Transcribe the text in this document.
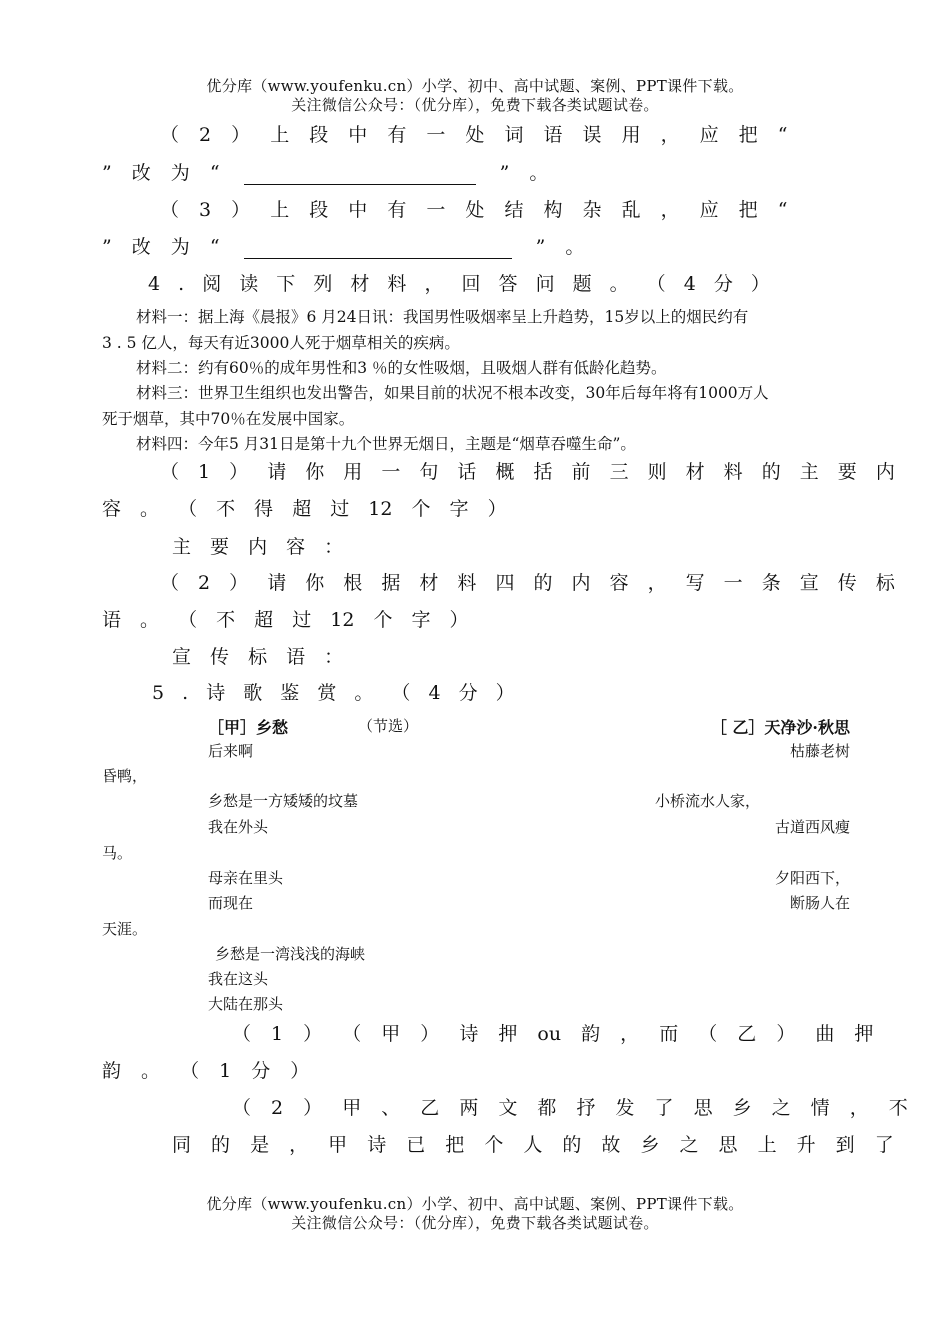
优分库（www.youfenku.cn）小学、初中、高中试题、案例、PPT课件下载。
关注微信公众号：（优分库），免费下载各类试题试卷。
（ 2 ） 上 段 中 有 一 处 词 语 误 用 ， 应 把 “
” 改 为 “	” 。
（ 3 ） 上 段 中 有 一 处 结 构 杂 乱 ， 应 把 “
” 改 为 “	” 。
4 . 阅 读 下 列 材 料 ， 回 答 问 题 。 （ 4 分 ）
材料一：据上海《晨报》6 月24日讯：我国男性吸烟率呈上升趋势，15岁以上的烟民约有
3 . 5 亿人，每天有近3000人死于烟草相关的疾病。
材料二：约有60％的成年男性和3 ％的女性吸烟，且吸烟人群有低龄化趋势。
材料三：世界卫生组织也发出警告，如果目前的状况不根本改变，30年后每年将有1000万人
死于烟草，其中70％在发展中国家。
材料四：今年5 月31日是第十九个世界无烟日，主题是“烟草吞噬生命”。
（ 1 ） 请 你 用 一 句 话 概 括 前 三 则 材 料 的 主 要 内
容 。 （ 不 得 超 过 12 个 字 ）
主 要 内 容 ：
（ 2 ） 请 你 根 据 材 料 四 的 内 容 ， 写 一 条 宣 传 标
语 。 （ 不 超 过 12 个 字 ）
宣 传 标 语 ：
5 . 诗 歌 鉴 赏 。 （ 4 分 ）
［甲］乡愁	（节选）	［ 乙］天净沙·秋思
后来啊	枯藤老树
昏鸭，
乡愁是一方矮矮的坟墓	小桥流水人家，
我在外头	古道西风瘦
马。
母亲在里头	夕阳西下，
而现在	断肠人在
天涯。
乡愁是一湾浅浅的海峡
我在这头
大陆在那头
（ 1 ） （ 甲 ） 诗 押 ou 韵 ， 而 （ 乙 ） 曲 押
韵 。 （ 1 分 ）
（ 2 ） 甲 、 乙 两 文 都 抒 发 了 思 乡 之 情 ， 不
同 的 是 ， 甲 诗 已 把 个 人 的 故 乡 之 思 上 升 到 了
优分库（www.youfenku.cn）小学、初中、高中试题、案例、PPT课件下载。
关注微信公众号：（优分库），免费下载各类试题试卷。
